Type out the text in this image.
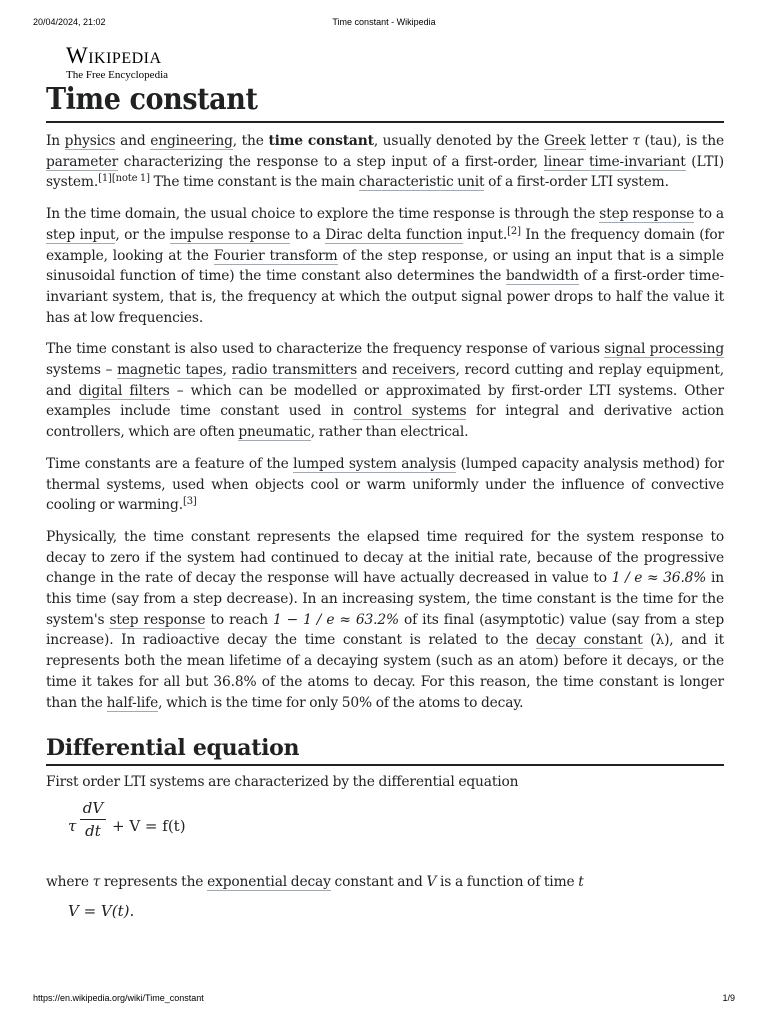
20/04/2024, 21:02	Time constant - Wikipedia
Wikipedia
The Free Encyclopedia
Time constant

In physics and engineering, the time constant, usually denoted by the Greek letter τ (tau), is the parameter characterizing the response to a step input of a first-order, linear time-invariant (LTI) system.[1][note 1] The time constant is the main characteristic unit of a first-order LTI system.

In the time domain, the usual choice to explore the time response is through the step response to a step input, or the impulse response to a Dirac delta function input.[2] In the frequency domain (for example, looking at the Fourier transform of the step response, or using an input that is a simple sinusoidal function of time) the time constant also determines the bandwidth of a first-order time-invariant system, that is, the frequency at which the output signal power drops to half the value it has at low frequencies.

The time constant is also used to characterize the frequency response of various signal processing systems – magnetic tapes, radio transmitters and receivers, record cutting and replay equipment, and digital filters – which can be modelled or approximated by first-order LTI systems. Other examples include time constant used in control systems for integral and derivative action controllers, which are often pneumatic, rather than electrical.

Time constants are a feature of the lumped system analysis (lumped capacity analysis method) for thermal systems, used when objects cool or warm uniformly under the influence of convective cooling or warming.[3]

Physically, the time constant represents the elapsed time required for the system response to decay to zero if the system had continued to decay at the initial rate, because of the progressive change in the rate of decay the response will have actually decreased in value to 1 / e ≈ 36.8% in this time (say from a step decrease). In an increasing system, the time constant is the time for the system's step response to reach 1 − 1 / e ≈ 63.2% of its final (asymptotic) value (say from a step increase). In radioactive decay the time constant is related to the decay constant (λ), and it represents both the mean lifetime of a decaying system (such as an atom) before it decays, or the time it takes for all but 36.8% of the atoms to decay. For this reason, the time constant is longer than the half-life, which is the time for only 50% of the atoms to decay.

Differential equation

First order LTI systems are characterized by the differential equation

τ
dV
dt + V = f(t)

where τ represents the exponential decay constant and V is a function of time t

V = V(t).
https://en.wikipedia.org/wiki/Time_constant	1/9
